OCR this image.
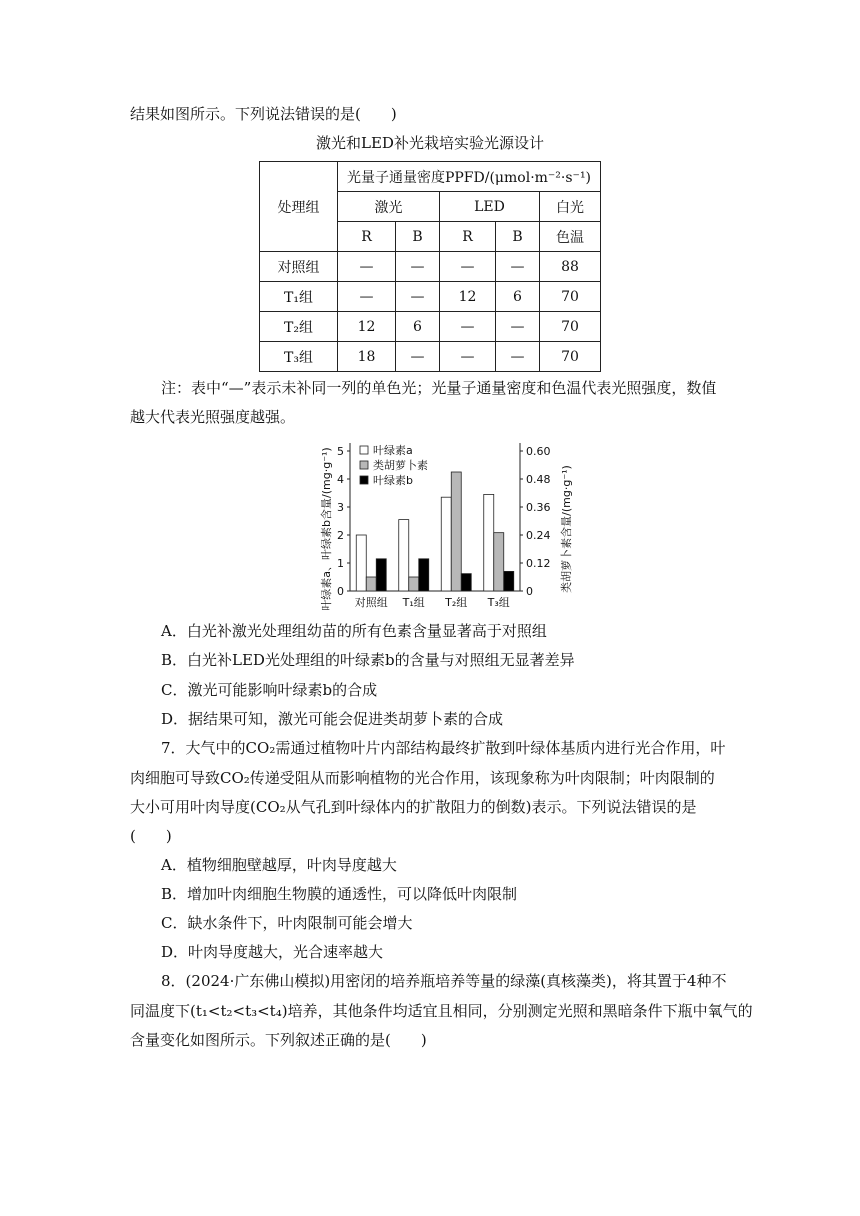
结果如图所示。下列说法错误的是(　　)
激光和LED补光栽培实验光源设计
处理组	光量子通量密度PPFD/(μmol·m⁻²·s⁻¹)				
	激光		LED		白光
	R	B	R	B	色温
对照组	—	—	—	—	88
T₁组	—	—	12	6	70
T₂组	12	6	—	—	70
T₃组	18	—	—	—	70
注：表中“—”表示未补同一列的单色光；光量子通量密度和色温代表光照强度，数值
越大代表光照强度越强。
0
1
2
3
4
5
0
0.12
0.24
0.36
0.48
0.60
叶绿素a、叶绿素b含量/(mg·g⁻¹)	类胡萝卜素含量/(mg·g⁻¹)
对照组 T₁组 T₂组 T₃组
叶绿素a
类胡萝卜素
叶绿素b
A．白光补激光处理组幼苗的所有色素含量显著高于对照组
B．白光补LED光处理组的叶绿素b的含量与对照组无显著差异
C．激光可能影响叶绿素b的合成
D．据结果可知，激光可能会促进类胡萝卜素的合成
7．大气中的CO₂需通过植物叶片内部结构最终扩散到叶绿体基质内进行光合作用，叶
肉细胞可导致CO₂传递受阻从而影响植物的光合作用，该现象称为叶肉限制；叶肉限制的
大小可用叶肉导度(CO₂从气孔到叶绿体内的扩散阻力的倒数)表示。下列说法错误的是
(　　)
A．植物细胞壁越厚，叶肉导度越大
B．增加叶肉细胞生物膜的通透性，可以降低叶肉限制
C．缺水条件下，叶肉限制可能会增大
D．叶肉导度越大，光合速率越大
8．(2024·广东佛山模拟)用密闭的培养瓶培养等量的绿藻(真核藻类)，将其置于4种不
同温度下(t₁<t₂<t₃<t₄)培养，其他条件均适宜且相同，分别测定光照和黑暗条件下瓶中氧气的
含量变化如图所示。下列叙述正确的是(　　)
